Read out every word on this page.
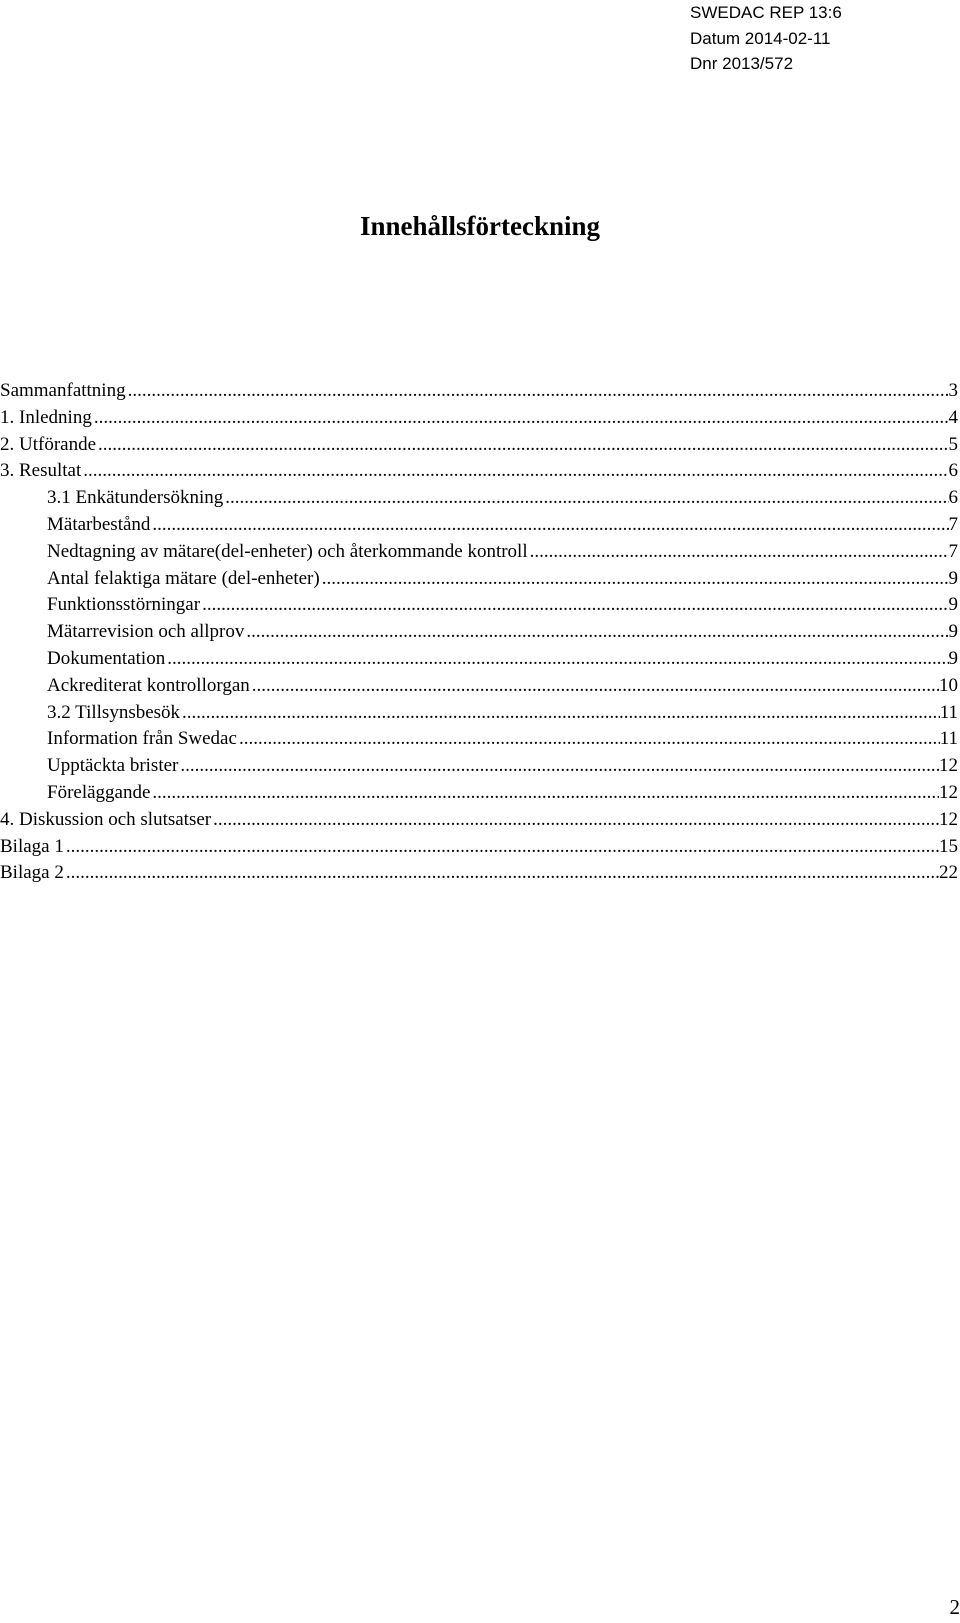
SWEDAC REP 13:6
Datum 2014-02-11
Dnr 2013/572
Innehållsförteckning
Sammanfattning .....	3
1. Inledning .....	4
2. Utförande .....	5
3. Resultat .....	6
3.1 Enkätundersökning .....	6
Mätarbestånd .....	7
Nedtagning av mätare(del-enheter) och återkommande kontroll .....	7
Antal felaktiga mätare (del-enheter) .....	9
Funktionsstörningar .....	9
Mätarrevision och allprov .....	9
Dokumentation .....	9
Ackrediterat kontrollorgan .....	10
3.2 Tillsynsbesök .....	11
Information från Swedac .....	11
Upptäckta brister .....	12
Föreläggande .....	12
4. Diskussion och slutsatser .....	12
Bilaga 1 .....	15
Bilaga 2 .....	22
2
